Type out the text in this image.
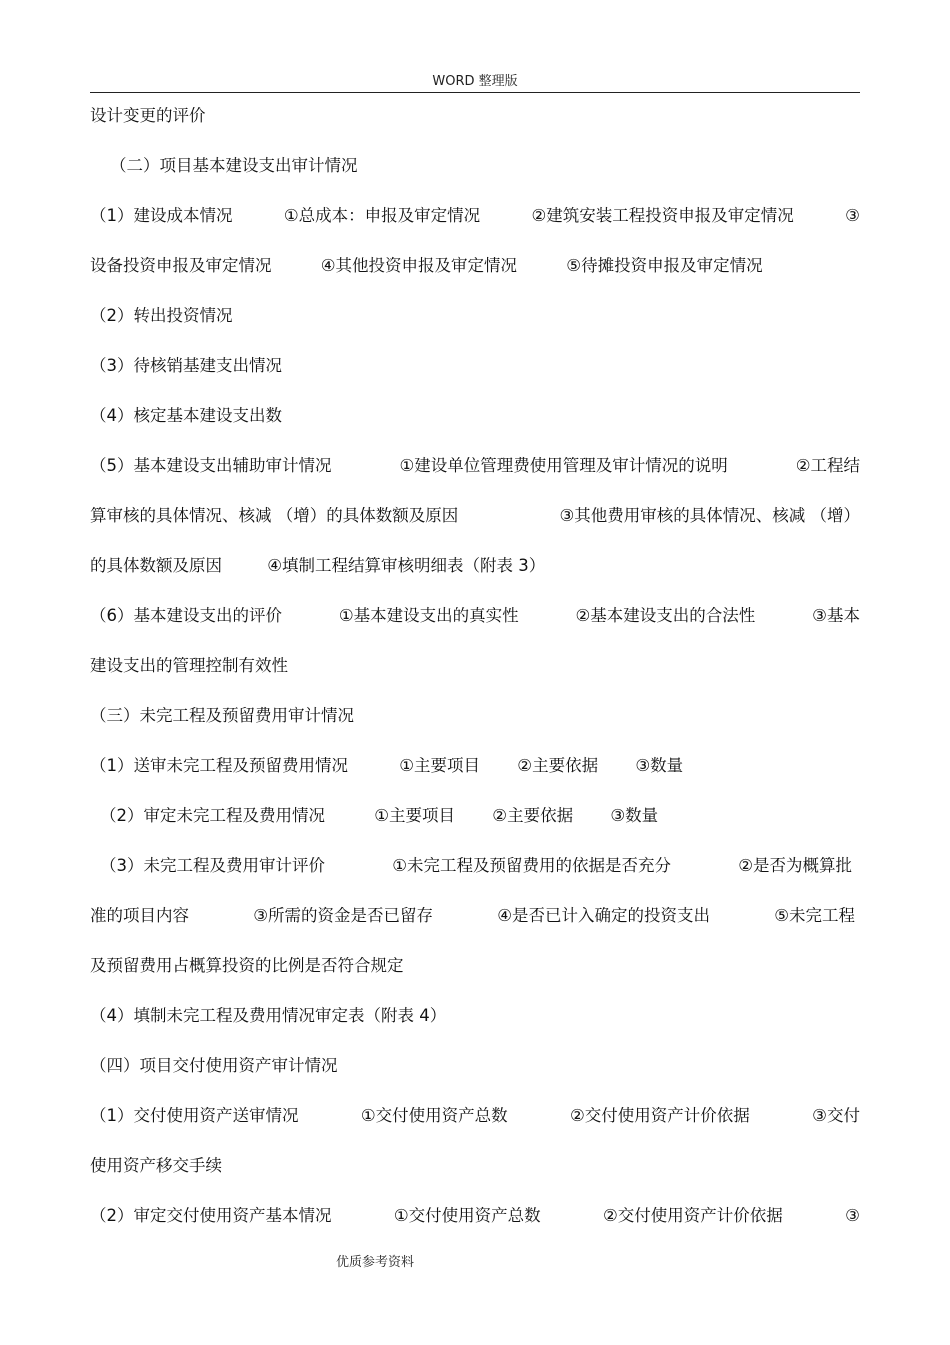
WORD 整理版
设计变更的评价
（二）项目基本建设支出审计情况
（1）建设成本情况	①总成本：申报及审定情况	②建筑安装工程投资申报及审定情况	③
设备投资申报及审定情况	④其他投资申报及审定情况	⑤待摊投资申报及审定情况
（2）转出投资情况
（3）待核销基建支出情况
（4）核定基本建设支出数
（5）基本建设支出辅助审计情况	①建设单位管理费使用管理及审计情况的说明	②工程结
算审核的具体情况、核减 （增）的具体数额及原因	③其他费用审核的具体情况、核减 （增）
的具体数额及原因	④填制工程结算审核明细表（附表 3）
（6）基本建设支出的评价	①基本建设支出的真实性	②基本建设支出的合法性	③基本
建设支出的管理控制有效性
（三）未完工程及预留费用审计情况
（1）送审未完工程及预留费用情况	①主要项目 ②主要依据 ③数量
（2）审定未完工程及费用情况	①主要项目 ②主要依据 ③数量
（3）未完工程及费用审计评价	①未完工程及预留费用的依据是否充分	②是否为概算批
准的项目内容	③所需的资金是否已留存	④是否已计入确定的投资支出	⑤未完工程
及预留费用占概算投资的比例是否符合规定
（4）填制未完工程及费用情况审定表（附表 4）
（四）项目交付使用资产审计情况
（1）交付使用资产送审情况	①交付使用资产总数	②交付使用资产计价依据	③交付
使用资产移交手续
（2）审定交付使用资产基本情况	①交付使用资产总数	②交付使用资产计价依据	③
优质参考资料
